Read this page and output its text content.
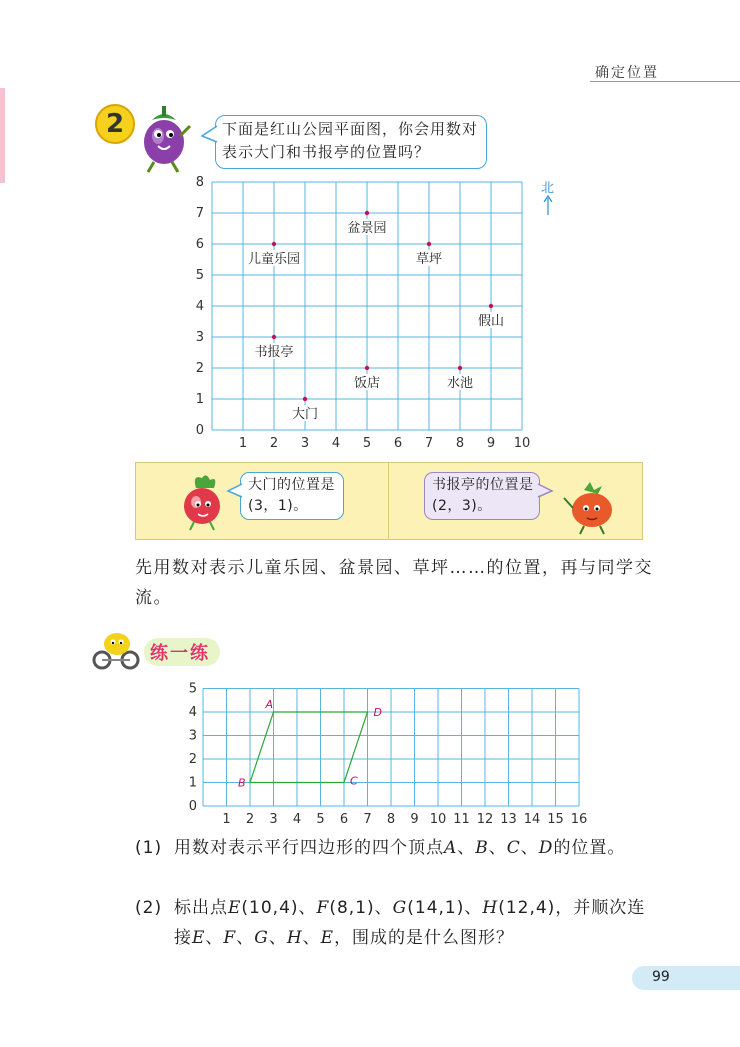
确定位置
2	下面是红山公园平面图，你会用数对表示大门和书报亭的位置吗？
1 2 3 4 5 6 7 8 9 10
0
1
2
3
4
5
6
7
8
儿童乐园
盆景园
草坪
假山
书报亭
饭店	水池
大门
北
大门的位置是(3，1)。
书报亭的位置是(2，3)。
先用数对表示儿童乐园、盆景园、草坪……的位置，再与同学交流。
练一练
1 2 3 4 5 6 7 8 9 10 11 12 13 14 15 16
0
1
2
3
4
5
A
D
C
B
(1) 用数对表示平行四边形的四个顶点A、B、C、D的位置。
(2) 标出点E(10,4)、F(8,1)、G(14,1)、H(12,4)，并顺次连接E、F、G、H、E，围成的是什么图形？
99
